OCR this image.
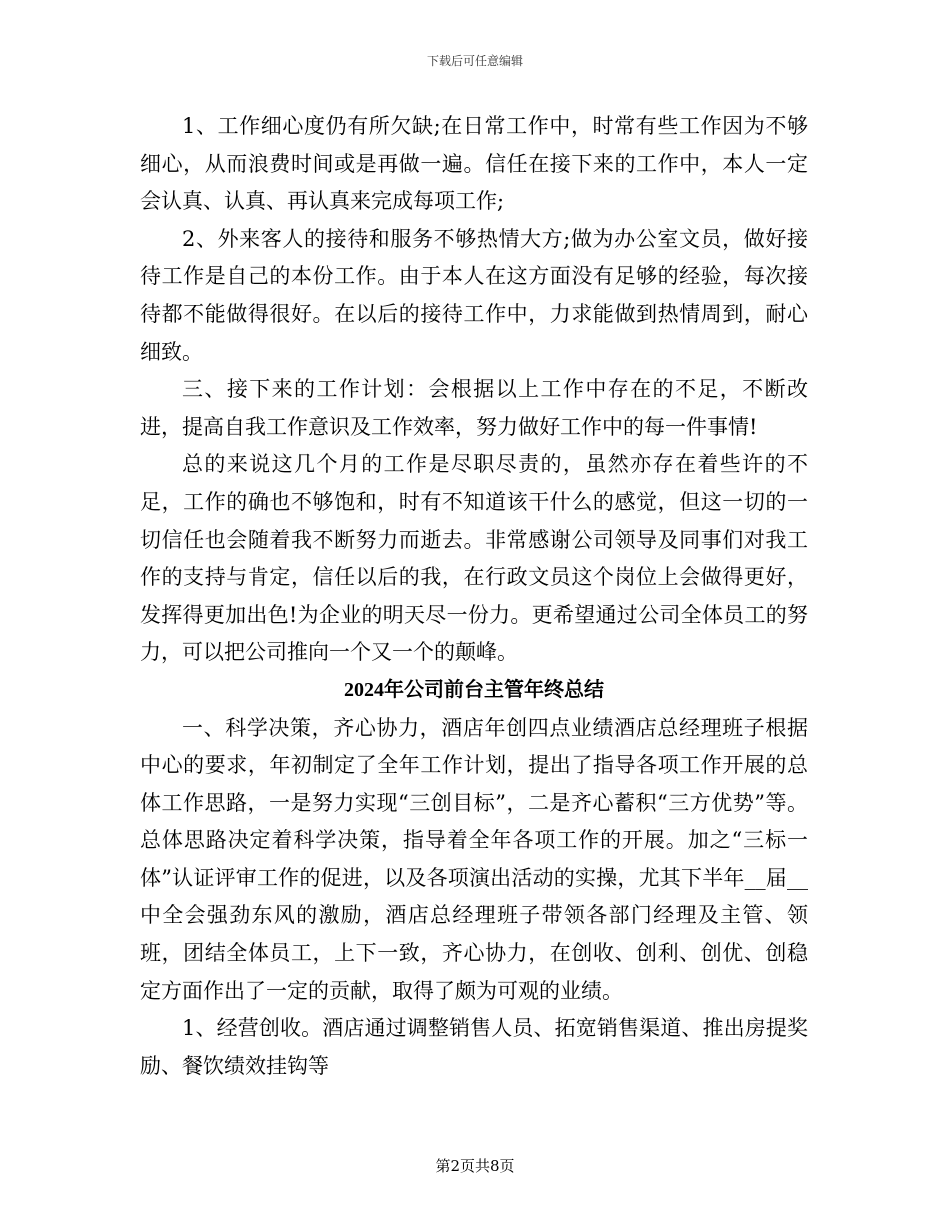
下载后可任意编辑

1、工作细心度仍有所欠缺;在日常工作中，时常有些工作因为不够细心，从而浪费时间或是再做一遍。信任在接下来的工作中，本人一定会认真、认真、再认真来完成每项工作;

2、外来客人的接待和服务不够热情大方;做为办公室文员，做好接待工作是自己的本份工作。由于本人在这方面没有足够的经验，每次接待都不能做得很好。在以后的接待工作中，力求能做到热情周到，耐心细致。

三、接下来的工作计划：会根据以上工作中存在的不足，不断改进，提高自我工作意识及工作效率，努力做好工作中的每一件事情!

总的来说这几个月的工作是尽职尽责的，虽然亦存在着些许的不足，工作的确也不够饱和，时有不知道该干什么的感觉，但这一切的一切信任也会随着我不断努力而逝去。非常感谢公司领导及同事们对我工作的支持与肯定，信任以后的我，在行政文员这个岗位上会做得更好，发挥得更加出色!为企业的明天尽一份力。更希望通过公司全体员工的努力，可以把公司推向一个又一个的颠峰。

2024年公司前台主管年终总结

一、科学决策，齐心协力，酒店年创四点业绩酒店总经理班子根据中心的要求，年初制定了全年工作计划，提出了指导各项工作开展的总体工作思路，一是努力实现“三创目标”，二是齐心蓄积“三方优势”等。总体思路决定着科学决策，指导着全年各项工作的开展。加之“三标一体”认证评审工作的促进，以及各项演出活动的实操，尤其下半年__届__中全会强劲东风的激励，酒店总经理班子带领各部门经理及主管、领班，团结全体员工，上下一致，齐心协力，在创收、创利、创优、创稳定方面作出了一定的贡献，取得了颇为可观的业绩。

1、经营创收。酒店通过调整销售人员、拓宽销售渠道、推出房提奖励、餐饮绩效挂钩等

第2页共8页
